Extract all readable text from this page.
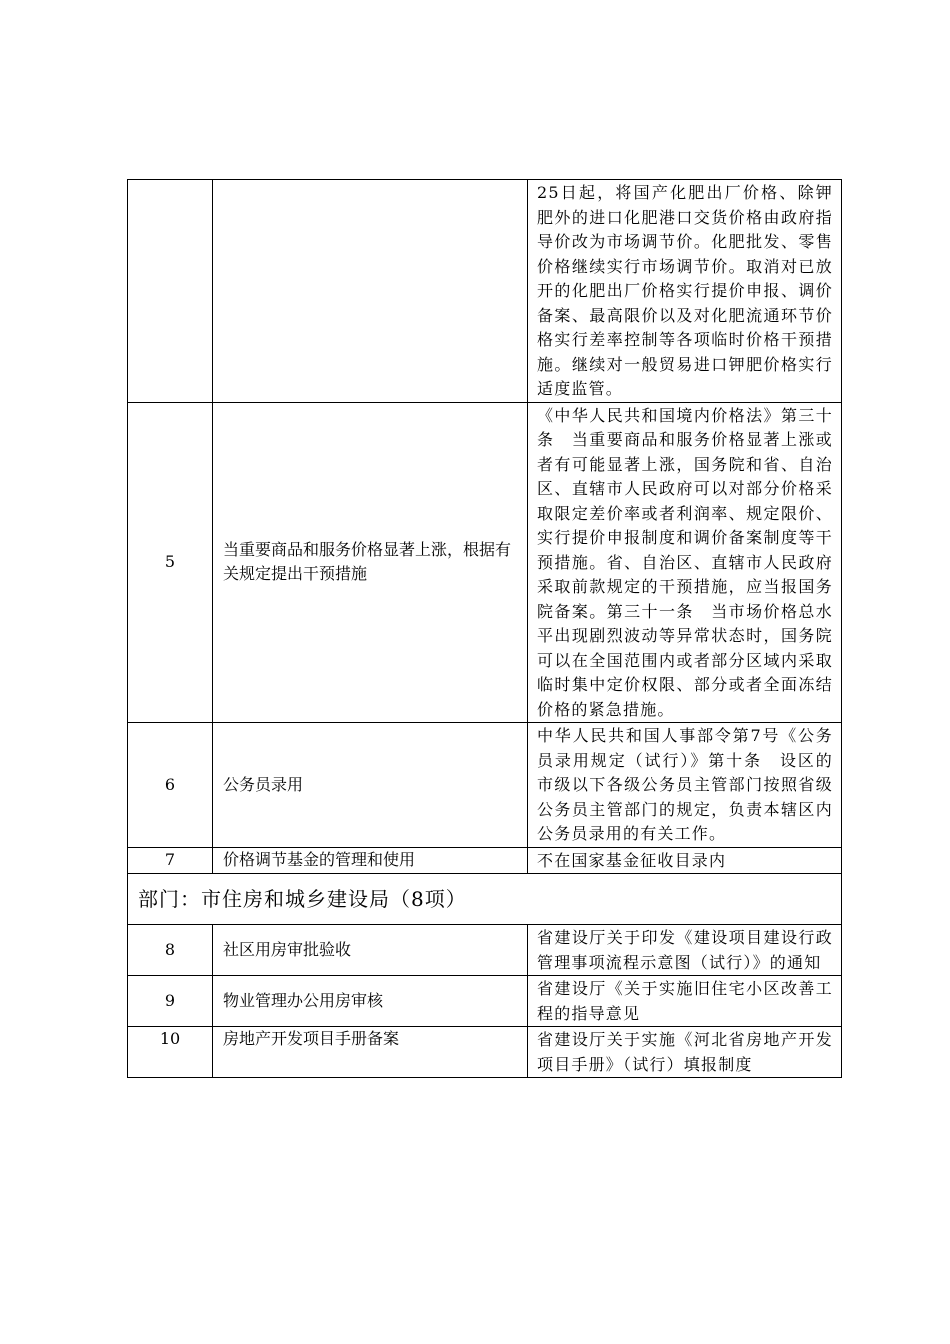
		25日起，将国产化肥出厂价格、除钾肥外的进口化肥港口交货价格由政府指导价改为市场调节价。化肥批发、零售价格继续实行市场调节价。取消对已放开的化肥出厂价格实行提价申报、调价备案、最高限价以及对化肥流通环节价格实行差率控制等各项临时价格干预措施。继续对一般贸易进口钾肥价格实行适度监管。

5	当重要商品和服务价格显著上涨，根据有关规定提出干预措施	《中华人民共和国境内价格法》第三十条　当重要商品和服务价格显著上涨或者有可能显著上涨，国务院和省、自治区、直辖市人民政府可以对部分价格采取限定差价率或者利润率、规定限价、实行提价申报制度和调价备案制度等干预措施。省、自治区、直辖市人民政府采取前款规定的干预措施，应当报国务院备案。第三十一条　当市场价格总水平出现剧烈波动等异常状态时，国务院可以在全国范围内或者部分区域内采取临时集中定价权限、部分或者全面冻结价格的紧急措施。

6	公务员录用	中华人民共和国人事部令第7号《公务员录用规定（试行）》第十条　设区的市级以下各级公务员主管部门按照省级公务员主管部门的规定，负责本辖区内公务员录用的有关工作。

7	价格调节基金的管理和使用	不在国家基金征收目录内

部门：市住房和城乡建设局（8项）		
8	社区用房审批验收	省建设厅关于印发《建设项目建设行政管理事项流程示意图（试行）》的通知

9	物业管理办公用房审核	省建设厅《关于实施旧住宅小区改善工程的指导意见

10	房地产开发项目手册备案	省建设厅关于实施《河北省房地产开发项目手册》（试行）填报制度
